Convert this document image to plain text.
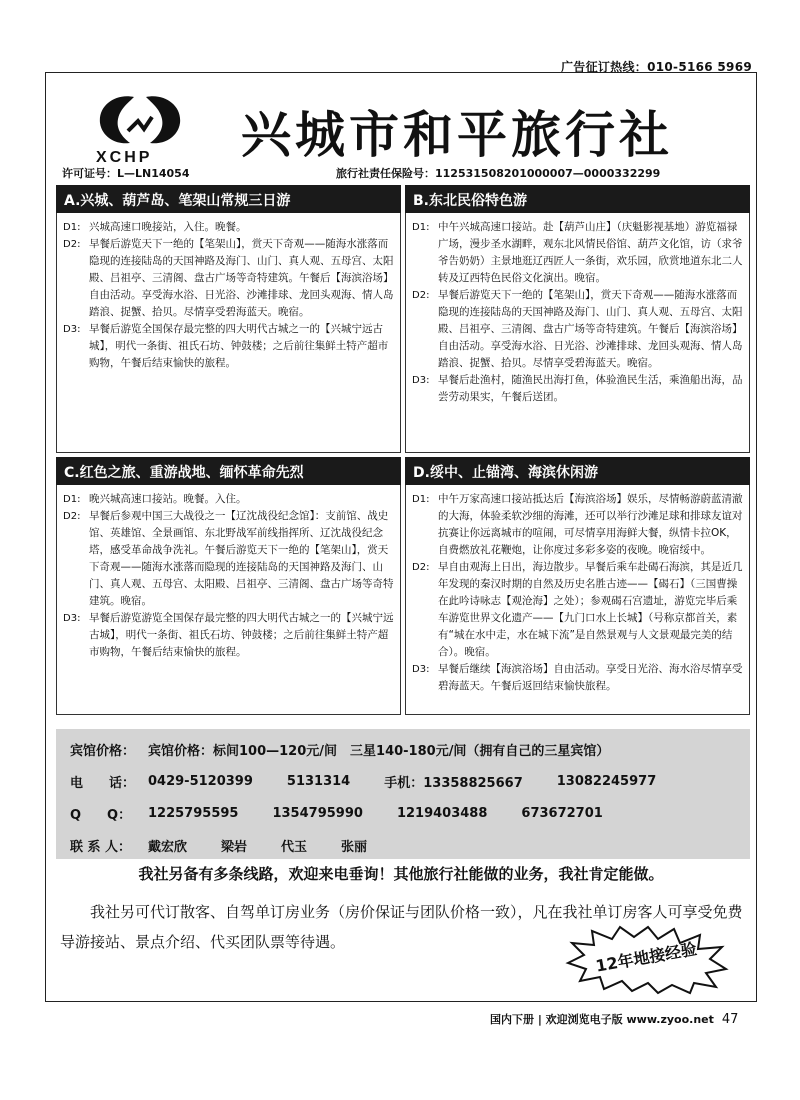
广告征订热线：010-5166 5969
XCHP 兴城市和平旅行社
许可证号：L—LN14054	旅行社责任保险号：112531508201000007—0000332299
A.兴城、葫芦岛、笔架山常规三日游
D1: 兴城高速口晚接站，入住。晚餐。
D2: 早餐后游览天下一绝的【笔架山】，赏天下奇观——随海水涨落而隐现的连接陆岛的天国神路及海门、山门、真人观、五母宫、太阳殿、吕祖亭、三清阁、盘古广场等奇特建筑。午餐后【海滨浴场】自由活动。享受海水浴、日光浴、沙滩排球、龙回头观海、情人岛踏浪、捉蟹、拾贝。尽情享受碧海蓝天。晚宿。
D3: 早餐后游览全国保存最完整的四大明代古城之一的【兴城宁远古城】，明代一条街、祖氏石坊、钟鼓楼；之后前往集鲜土特产超市购物，午餐后结束愉快的旅程。
B.东北民俗特色游
D1: 中午兴城高速口接站。赴【葫芦山庄】（庆魁影视基地）游览福禄广场，漫步圣水湖畔，观东北风情民俗馆、葫芦文化馆，访（求爷爷告奶奶）主景地逛辽西匠人一条街，欢乐园，欣赏地道东北二人转及辽西特色民俗文化演出。晚宿。
D2: 早餐后游览天下一绝的【笔架山】，赏天下奇观——随海水涨落而隐现的连接陆岛的天国神路及海门、山门、真人观、五母宫、太阳殿、吕祖亭、三清阁、盘古广场等奇特建筑。午餐后【海滨浴场】自由活动。享受海水浴、日光浴、沙滩排球、龙回头观海、情人岛踏浪、捉蟹、拾贝。尽情享受碧海蓝天。晚宿。
D3: 早餐后赴渔村，随渔民出海打鱼，体验渔民生活，乘渔船出海，品尝劳动果实，午餐后送团。
C.红色之旅、重游战地、缅怀革命先烈
D1: 晚兴城高速口接站。晚餐。入住。
D2: 早餐后参观中国三大战役之一【辽沈战役纪念馆】：支前馆、战史馆、英雄馆、全景画馆、东北野战军前线指挥所、辽沈战役纪念塔，感受革命战争洗礼。午餐后游览天下一绝的【笔架山】，赏天下奇观——随海水涨落而隐现的连接陆岛的天国神路及海门、山门、真人观、五母宫、太阳殿、吕祖亭、三清阁、盘古广场等奇特建筑。晚宿。
D3: 早餐后游览游览全国保存最完整的四大明代古城之一的【兴城宁远古城】，明代一条街、祖氏石坊、钟鼓楼；之后前往集鲜土特产超市购物，午餐后结束愉快的旅程。
D.绥中、止锚湾、海滨休闲游
D1: 中午万家高速口接站抵达后【海滨浴场】娱乐，尽情畅游蔚蓝清澈的大海，体验柔软沙细的海滩，还可以举行沙滩足球和排球友谊对抗赛让你远离城市的喧闹，可尽情享用海鲜大餐，纵情卡拉OK，自费燃放礼花鞭炮，让你度过多彩多姿的夜晚。晚宿绥中。
D2: 早自由观海上日出，海边散步。早餐后乘车赴碣石海滨，其是近几年发现的秦汉时期的自然及历史名胜古迹——【碣石】（三国曹操在此吟诗咏志【观沧海】之处）；参观碣石宫遗址，游览完毕后乘车游览世界文化遗产——【九门口水上长城】（号称京都首关，素有“城在水中走，水在城下流”是自然景观与人文景观最完美的结合）。晚宿。
D3: 早餐后继续【海滨浴场】自由活动。享受日光浴、海水浴尽情享受碧海蓝天。午餐后返回结束愉快旅程。
宾馆价格： 宾馆价格：标间100—120元/间　三星140-180元/间（拥有自己的三星宾馆）
电　　话： 0429-5120399	5131314	手机：13358825667	13082245977
Q　　Q：	1225795595	1354795990	1219403488	673672701
联 系 人：	戴宏欣	梁岩	代玉	张丽
我社另备有多条线路，欢迎来电垂询！其他旅行社能做的业务，我社肯定能做。
我社另可代订散客、自驾单订房业务（房价保证与团队价格一致），凡在我社单订房客人可享受免费导游接站、景点介绍、代买团队票等待遇。	12年地接经验
国内下册 | 欢迎浏览电子版 www.zyoo.net 47
